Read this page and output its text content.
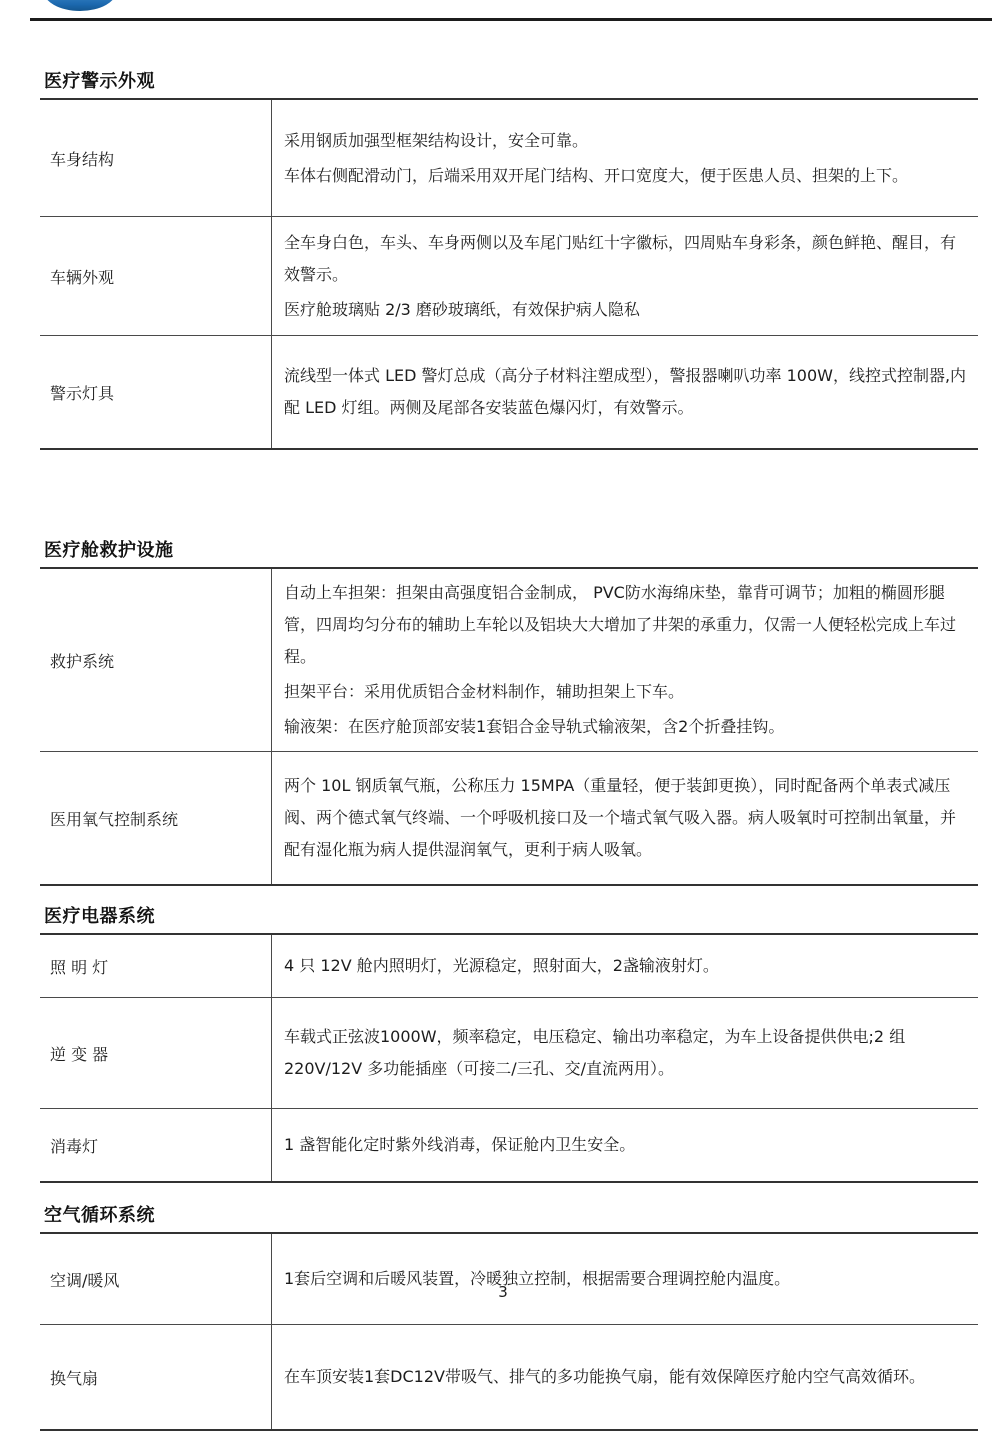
医疗警示外观
车身结构	采用钢质加强型框架结构设计，安全可靠。

车体右侧配滑动门，后端采用双开尾门结构、开口宽度大，便于医患人员、担架的上下。

车辆外观	全车身白色，车头、车身两侧以及车尾门贴红十字徽标，四周贴车身彩条，颜色鲜艳、醒目，有效警示。

医疗舱玻璃贴 2/3 磨砂玻璃纸，有效保护病人隐私

警示灯具	流线型一体式 LED 警灯总成（高分子材料注塑成型），警报器喇叭功率 100W，线控式控制器,内配 LED 灯组。两侧及尾部各安装蓝色爆闪灯，有效警示。

医疗舱救护设施
救护系统	自动上车担架：担架由高强度铝合金制成， PVC防水海绵床垫，靠背可调节；加粗的椭圆形腿管，四周均匀分布的辅助上车轮以及铝块大大增加了井架的承重力，仅需一人便轻松完成上车过程。

担架平台：采用优质铝合金材料制作，辅助担架上下车。

输液架：在医疗舱顶部安装1套铝合金导轨式输液架，含2个折叠挂钩。

医用氧气控制系统	两个 10L 钢质氧气瓶，公称压力 15MPA（重量轻，便于装卸更换），同时配备两个单表式减压阀、两个德式氧气终端、一个呼吸机接口及一个墙式氧气吸入器。病人吸氧时可控制出氧量，并配有湿化瓶为病人提供湿润氧气，更利于病人吸氧。

医疗电器系统
照 明 灯	4 只 12V 舱内照明灯，光源稳定，照射面大，2盏输液射灯。

逆 变 器	车载式正弦波1000W，频率稳定，电压稳定、输出功率稳定，为车上设备提供供电;2 组 220V/12V 多功能插座（可接二/三孔、交/直流两用）。

消毒灯	1 盏智能化定时紫外线消毒，保证舱内卫生安全。

空气循环系统
空调/暖风	1套后空调和后暖风装置，冷暖独立控制，根据需要合理调控舱内温度。

换气扇	在车顶安装1套DC12V带吸气、排气的多功能换气扇，能有效保障医疗舱内空气高效循环。

3
